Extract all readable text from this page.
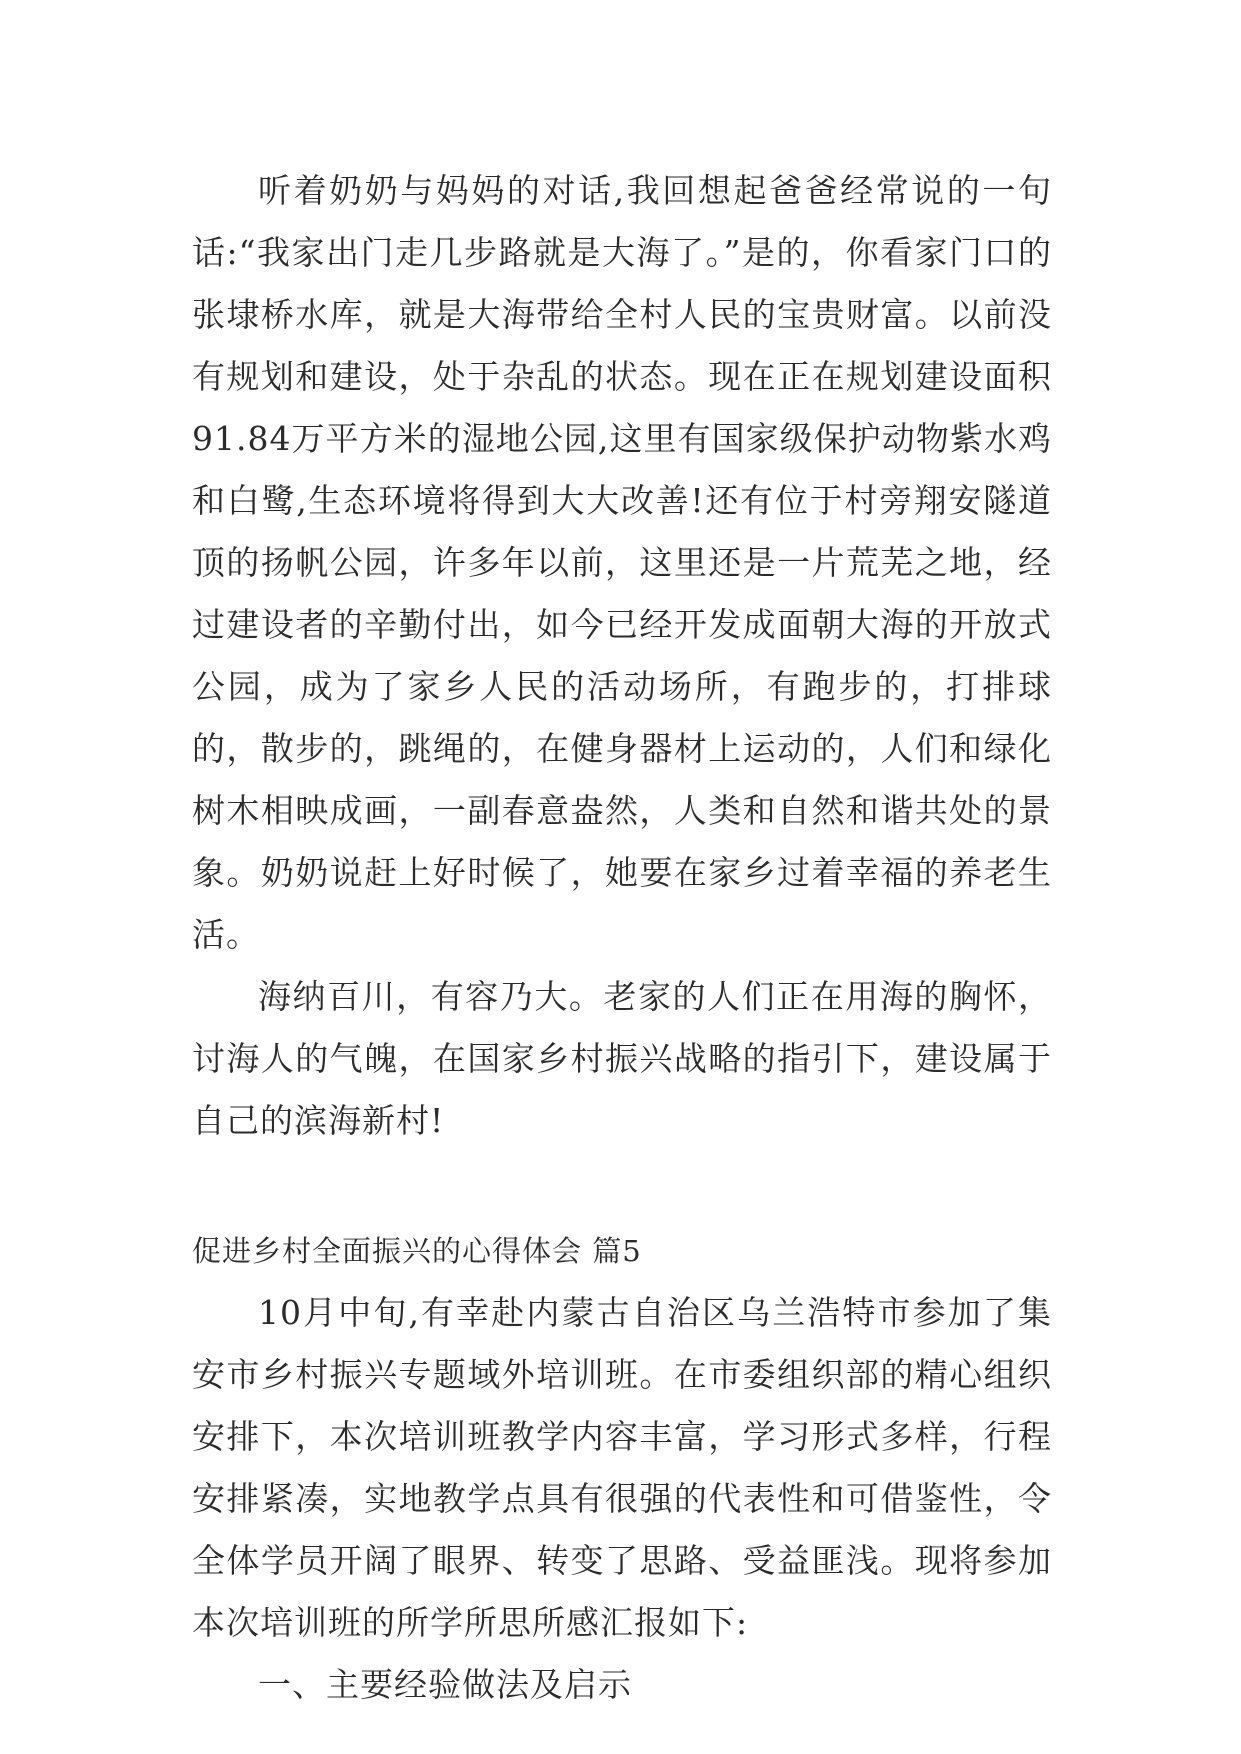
听着奶奶与妈妈的对话,我回想起爸爸经常说的一句话:“我家出门走几步路就是大海了。”是的，你看家门口的张埭桥水库，就是大海带给全村人民的宝贵财富。以前没有规划和建设，处于杂乱的状态。现在正在规划建设面积91.84万平方米的湿地公园,这里有国家级保护动物紫水鸡和白鹭,生态环境将得到大大改善!还有位于村旁翔安隧道顶的扬帆公园，许多年以前，这里还是一片荒芜之地，经过建设者的辛勤付出，如今已经开发成面朝大海的开放式公园，成为了家乡人民的活动场所，有跑步的，打排球的，散步的，跳绳的，在健身器材上运动的，人们和绿化树木相映成画，一副春意盎然，人类和自然和谐共处的景象。奶奶说赶上好时候了，她要在家乡过着幸福的养老生活。

海纳百川，有容乃大。老家的人们正在用海的胸怀，讨海人的气魄，在国家乡村振兴战略的指引下，建设属于自己的滨海新村!

促进乡村全面振兴的心得体会 篇5

10月中旬,有幸赴内蒙古自治区乌兰浩特市参加了集安市乡村振兴专题域外培训班。在市委组织部的精心组织安排下，本次培训班教学内容丰富，学习形式多样，行程安排紧凑，实地教学点具有很强的代表性和可借鉴性，令全体学员开阔了眼界、转变了思路、受益匪浅。现将参加本次培训班的所学所思所感汇报如下:

一、主要经验做法及启示
